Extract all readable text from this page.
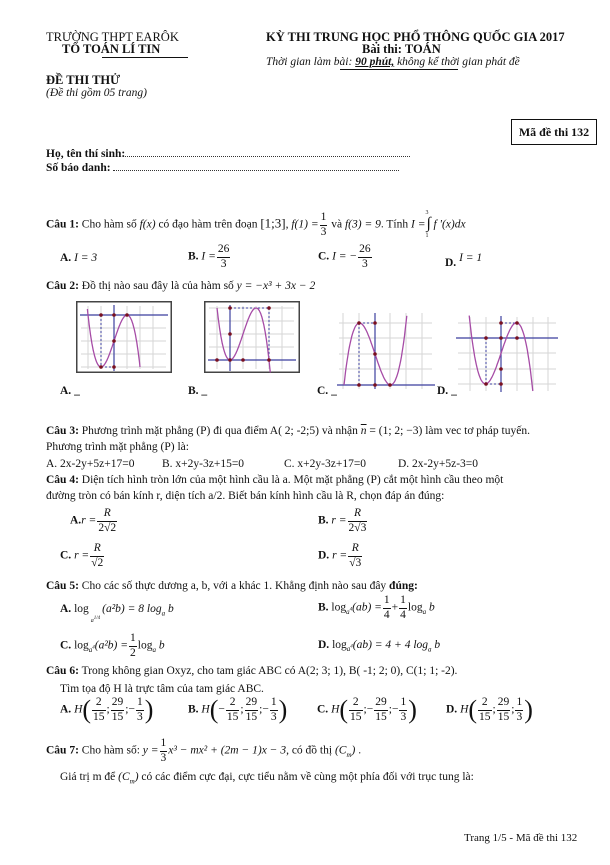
TRƯỜNG THPT EARÔK
TỔ TOÁN LÍ TIN
ĐỀ THI THỬ
(Đề thi gồm 05 trang)
KỲ THI TRUNG HỌC PHỔ THÔNG QUỐC GIA 2017
Bài thi: TOÁN
Thời gian làm bài: 90 phút, không kể thời gian phát đề
Mã đề thi 132
Họ, tên thí sinh:
Số báo danh:
Câu 1: Cho hàm số f(x) có đạo hàm trên đoạn [1;3], $f(1) = \frac{1}{3}$ và f(3) = 9. Tính I =
3
∫
1
f '(x)dx
A. I = 3	B. $I = \frac{26}{3}$	C. I = − $\frac{26}{3}$	D. I = 1
Câu 2: Đồ thị nào sau đây là của hàm số y = −x³ + 3x − 2
A. _	B. _	C. _	D. _
Câu 3: Phương trình mặt phẳng (P) đi qua điểm A( 2; -2;5) và nhận $\overline{n} = (1$; 2; −3) làm vec tơ pháp tuyến.
Phương trình mặt phẳng (P) là:
A. 2x-2y+5z+17=0 B. x+2y-3z+15=0	C. x+2y-3z+17=0	D. 2x-2y+5z-3=0
Câu 4: Diện tích hình tròn lớn của một hình cầu là a. Một mặt phẳng (P) cắt một hình cầu theo một
đường tròn có bán kính r, diện tích a/2. Biết bán kính hình cầu là R, chọn đáp án đúng:
$A.r = \frac{R}{2√2}$	B. $r = \frac{R}{2√3}$
C. $r = \frac{R}{√2}$	D. $r = \frac{R}{√3}$
Câu 5: Cho các số thực dương a, b, với a khác 1. Khẳng định nào sau đây đúng:
A. loga$^{1/4}$(a²b) = 8 $\log_a b$	B. $\log_{a^4}(ab) = \frac{1}{4} + \frac{1}{4} \log_a b$
C. $\log_{a^4}(a^2b) = \frac{1}{2} \log_a b$	D. $\log_{a^4}(ab) = 4 + 4$ $\log_a b$
Câu 6: Trong không gian Oxyz, cho tam giác ABC có A(2; 3; 1), B( -1; 2; 0), C(1; 1; -2).
Tìm tọa độ H là trực tâm của tam giác ABC.
A. $H( \frac{2}{15}$ ; $\frac{29}{15}$ ;− $\frac{1}{3}$ )	B. $H(- \frac{2}{15}$ ; $\frac{29}{15}$ ;− $\frac{1}{3}$ )	C. $H( \frac{2}{15}$ ;− $\frac{29}{15}$ ;− $\frac{1}{3}$ )	D. $H( \frac{2}{15}$ ; $\frac{29}{15}$ ; $\frac{1}{3}$ )
Câu 7: Cho hàm số: $y = \frac{1}{3} x^3 - mx^2 + (2m - 1)x - 3$, có đồ thị $(C_m)$ .
Giá trị m để $(C_m)$ có các điểm cực đại, cực tiểu nằm về cùng một phía đối với trục tung là:
Trang 1/5 - Mã đề thi 132
